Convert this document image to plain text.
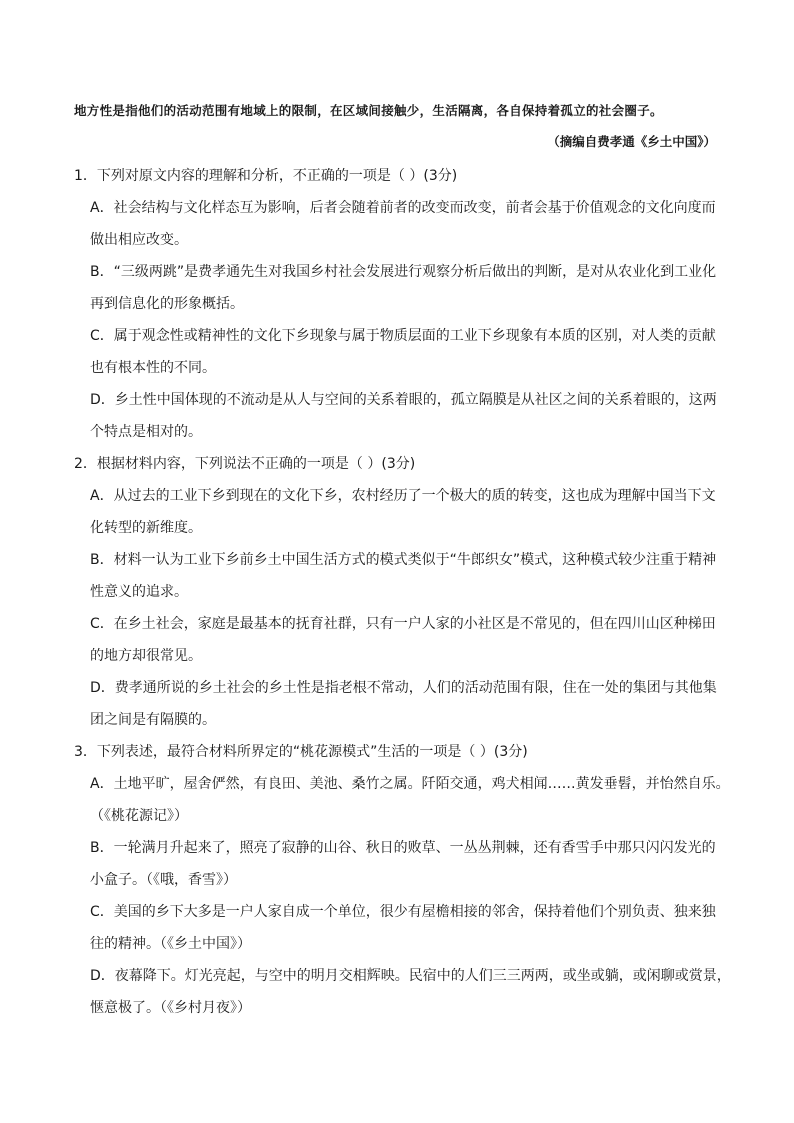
地方性是指他们的活动范围有地域上的限制，在区域间接触少，生活隔离，各自保持着孤立的社会圈子。
（摘编自费孝通《乡土中国》）
1．下列对原文内容的理解和分析，不正确的一项是（ ）(3分)
A．社会结构与文化样态互为影响，后者会随着前者的改变而改变，前者会基于价值观念的文化向度而
做出相应改变。
B．“三级两跳”是费孝通先生对我国乡村社会发展进行观察分析后做出的判断，是对从农业化到工业化
再到信息化的形象概括。
C．属于观念性或精神性的文化下乡现象与属于物质层面的工业下乡现象有本质的区别，对人类的贡献
也有根本性的不同。
D．乡土性中国体现的不流动是从人与空间的关系着眼的，孤立隔膜是从社区之间的关系着眼的，这两
个特点是相对的。
2．根据材料内容，下列说法不正确的一项是（ ）(3分)
A．从过去的工业下乡到现在的文化下乡，农村经历了一个极大的质的转变，这也成为理解中国当下文
化转型的新维度。
B．材料一认为工业下乡前乡土中国生活方式的模式类似于“牛郎织女”模式，这种模式较少注重于精神
性意义的追求。
C．在乡土社会，家庭是最基本的抚育社群，只有一户人家的小社区是不常见的，但在四川山区种梯田
的地方却很常见。
D．费孝通所说的乡土社会的乡土性是指老根不常动，人们的活动范围有限，住在一处的集团与其他集
团之间是有隔膜的。
3．下列表述，最符合材料所界定的“桃花源模式”生活的一项是（ ）(3分)
A．土地平旷，屋舍俨然，有良田、美池、桑竹之属。阡陌交通，鸡犬相闻……黄发垂髫，并怡然自乐。
（《桃花源记》）
B．一轮满月升起来了，照亮了寂静的山谷、秋日的败草、一丛丛荆棘，还有香雪手中那只闪闪发光的
小盒子。（《哦，香雪》）
C．美国的乡下大多是一户人家自成一个单位，很少有屋檐相接的邻舍，保持着他们个别负责、独来独
往的精神。（《乡土中国》）
D．夜幕降下。灯光亮起，与空中的明月交相辉映。民宿中的人们三三两两，或坐或躺，或闲聊或赏景，
惬意极了。（《乡村月夜》）
